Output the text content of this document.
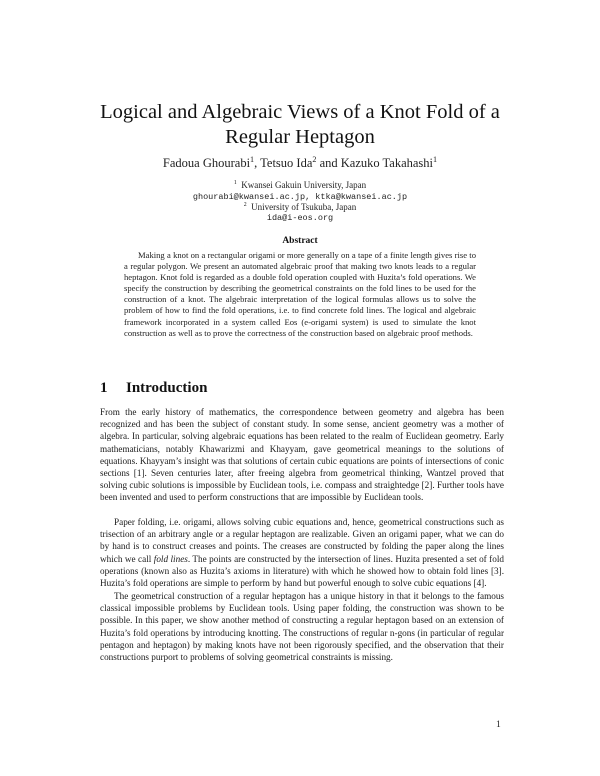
Logical and Algebraic Views of a Knot Fold of a
Regular Heptagon
Fadoua Ghourabi$^1$, Tetsuo Ida$^2$ and Kazuko Takahashi$^1$
$^1$ Kwansei Gakuin University, Japan
ghourabi@kwansei.ac.jp, ktka@kwansei.ac.jp
$^2$ University of Tsukuba, Japan
ida@i-eos.org
Abstract

Making a knot on a rectangular origami or more generally on a tape of a finite length gives rise to a regular polygon. We present an automated algebraic proof that making two knots leads to a regular heptagon. Knot fold is regarded as a double fold operation coupled with Huzita’s fold operations. We specify the construction by describing the geometrical constraints on the fold lines to be used for the construction of a knot. The algebraic interpretation of the logical formulas allows us to solve the problem of how to find the fold operations, i.e. to find concrete fold lines. The logical and algebraic framework incorporated in a system called Eos (e-origami system) is used to simulate the knot construction as well as to prove the correctness of the construction based on algebraic proof methods.

1 Introduction

From the early history of mathematics, the correspondence between geometry and algebra has been recognized and has been the subject of constant study. In some sense, ancient geometry was a mother of algebra. In particular, solving algebraic equations has been related to the realm of Euclidean geometry. Early mathematicians, notably Khawarizmi and Khayyam, gave geometrical meanings to the solutions of equations. Khayyam’s insight was that solutions of certain cubic equations are points of intersections of conic sections [1]. Seven centuries later, after freeing algebra from geometrical thinking, Wantzel proved that solving cubic solutions is impossible by Euclidean tools, i.e. compass and straightedge [2]. Further tools have been invented and used to perform constructions that are impossible by Euclidean tools.

Paper folding, i.e. origami, allows solving cubic equations and, hence, geometrical constructions such as trisection of an arbitrary angle or a regular heptagon are realizable. Given an origami paper, what we can do by hand is to construct creases and points. The creases are constructed by folding the paper along the lines which we call fold lines. The points are constructed by the intersection of lines. Huzita presented a set of fold operations (known also as Huzita’s axioms in literature) with which he showed how to obtain fold lines [3]. Huzita’s fold operations are simple to perform by hand but powerful enough to solve cubic equations [4].

The geometrical construction of a regular heptagon has a unique history in that it belongs to the famous classical impossible problems by Euclidean tools. Using paper folding, the construction was shown to be possible. In this paper, we show another method of constructing a regular heptagon based on an extension of Huzita’s fold operations by introducing knotting. The constructions of regular n-gons (in particular of regular pentagon and heptagon) by making knots have not been rigorously specified, and the observation that their constructions purport to problems of solving geometrical constraints is missing.

1
